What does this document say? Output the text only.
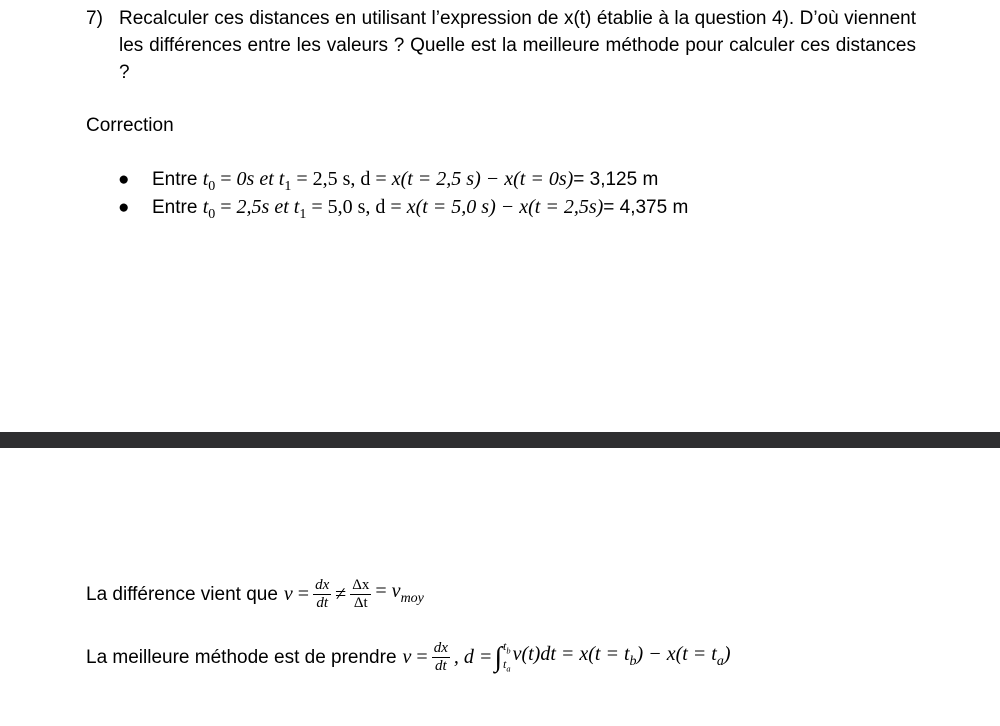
7) Recalculer ces distances en utilisant l’expression de x(t) établie à la question 4). D’où viennent les différences entre les valeurs ? Quelle est la meilleure méthode pour calculer ces distances ?
Correction
● Entre $t_0 = 0s$ et $t_1 = 2,5$ s, d = x(t = 2,5 s) − x(t = 0s)= 3,125 m
● Entre $t_0 = 2,5s$ et $t_1 = 5,0$ s, d = x(t = 5,0 s) − x(t = 2,5s)= 4,375 m
La différence vient que $v = \frac{dx}{dt} \ne \frac{\Delta x}{\Delta t} = v_{moy}$
La meilleure méthode est de prendre $v = \frac{dx}{dt}$ , d = ∫ $t_b$
$t_a$
$v(t)dt = x(t = t_b) - x(t = t_a)$
